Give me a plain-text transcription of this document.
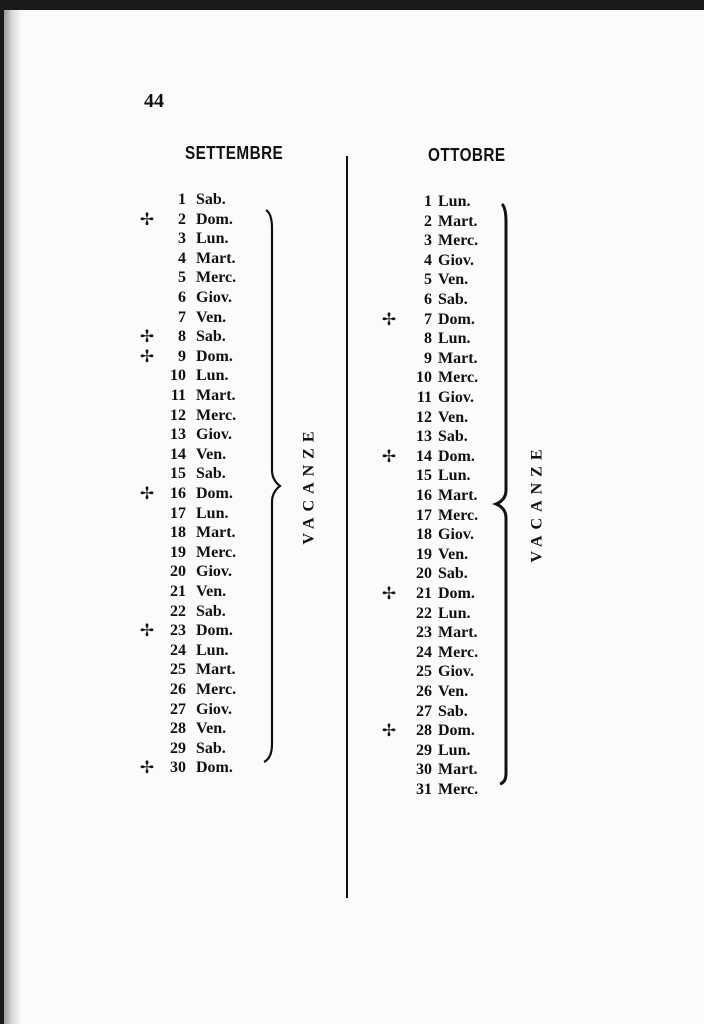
44
SETTEMBRE	OTTOBRE
1 Sab.
✢	2 Dom.
3 Lun.
4 Mart.
5 Merc.
6 Giov.
7 Ven.
✢	8 Sab.
✢	9 Dom.
10 Lun.
11 Mart.
12 Merc.
13 Giov.
14 Ven.
15 Sab.
✢ 16 Dom.
17 Lun.
18 Mart.
19 Merc.
20 Giov.
21 Ven.
22 Sab.
✢ 23 Dom.
24 Lun.
25 Mart.
26 Merc.
27 Giov.
28 Ven.
29 Sab.
✢ 30 Dom.
1 Lun.
2 Mart.
3 Merc.
4 Giov.
5 Ven.
6 Sab.
✢	7 Dom.
8 Lun.
9 Mart.
10 Merc.
11 Giov.
12 Ven.
13 Sab.
✢	14 Dom.
15 Lun.
16 Mart.
17 Merc.
18 Giov.
19 Ven.
20 Sab.
✢	21 Dom.
22 Lun.
23 Mart.
24 Merc.
25 Giov.
26 Ven.
27 Sab.
✢	28 Dom.
29 Lun.
30 Mart.
31 Merc.
VACANZE	VACANZE
